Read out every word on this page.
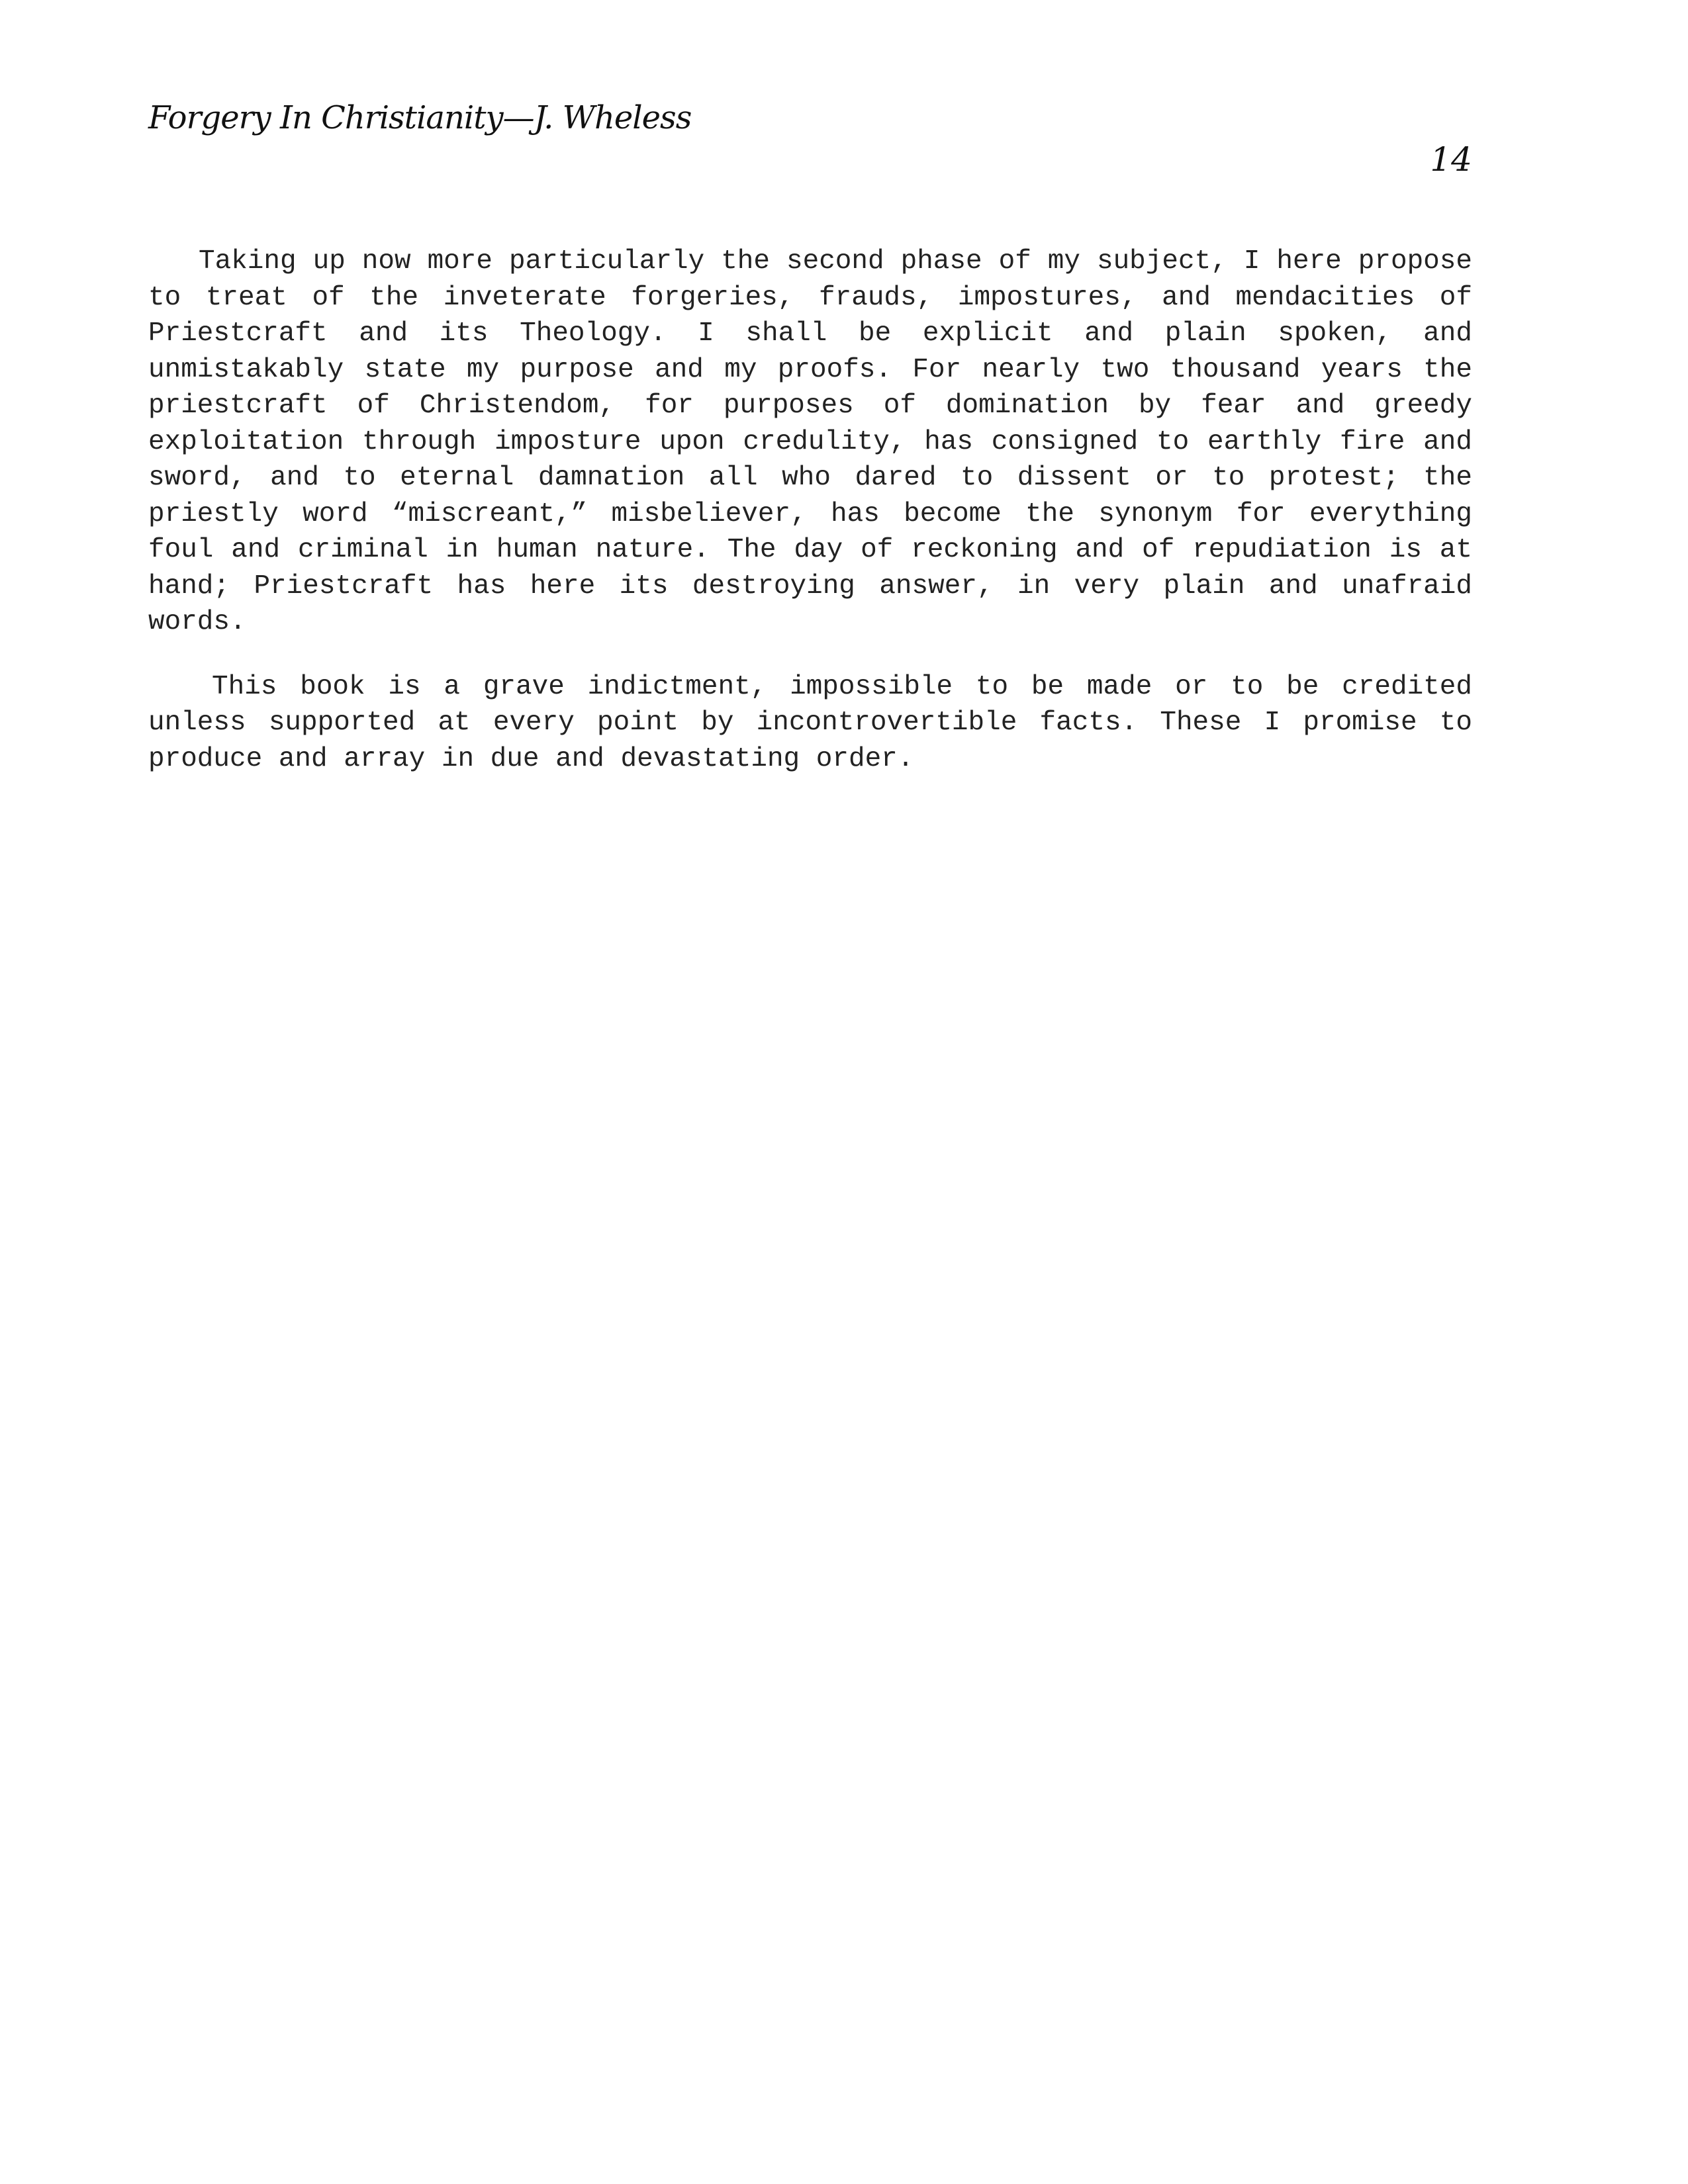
Forgery In Christianity—J. Wheless
14

Taking up now more particularly the second phase of my subject, I here propose to treat of the inveterate forgeries, frauds, impostures, and mendacities of Priestcraft and its Theology. I shall be explicit and plain spoken, and unmistakably state my purpose and my proofs. For nearly two thousand years the priestcraft of Christendom, for purposes of domination by fear and greedy exploitation through imposture upon credulity, has consigned to earthly fire and sword, and to eternal damnation all who dared to dissent or to protest; the priestly word “miscreant,” misbeliever, has become the synonym for everything foul and criminal in human nature. The day of reckoning and of repudiation is at hand; Priestcraft has here its destroying answer, in very plain and unafraid words.

This book is a grave indictment, impossible to be made or to be credited unless supported at every point by incontrovertible facts. These I promise to produce and array in due and devastating order.
